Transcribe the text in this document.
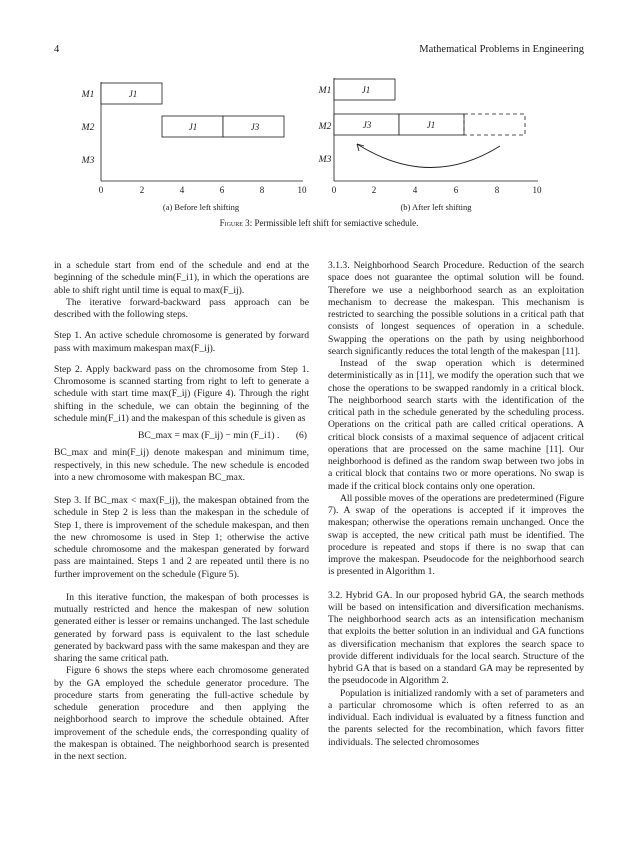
4	Mathematical Problems in Engineering
M1
M2
M3
J1
J1	J3
0	2	4	6	8	10
(a) Before left shifting
M1
M2
M3
J1
J3	J1
0	2	4	6	8	10
(b) After left shifting
Figure 3: Permissible left shift for semiactive schedule.

in a schedule start from end of the schedule and end at the beginning of the schedule min(F_i1), in which the operations are able to shift right until time is equal to max(F_ij).

The iterative forward-backward pass approach can be described with the following steps.

Step 1. An active schedule chromosome is generated by forward pass with maximum makespan max(F_ij).

Step 2. Apply backward pass on the chromosome from Step 1. Chromosome is scanned starting from right to left to generate a schedule with start time max(F_ij) (Figure 4). Through the right shifting in the schedule, we can obtain the beginning of the schedule min(F_i1) and the makespan of this schedule is given as

BC_max = max (F_ij) − min (F_i1) . (6)

BC_max and min(F_ij) denote makespan and minimum time, respectively, in this new schedule. The new schedule is encoded into a new chromosome with makespan BC_max.

Step 3. If BC_max < max(F_ij), the makespan obtained from the schedule in Step 2 is less than the makespan in the schedule of Step 1, there is improvement of the schedule makespan, and then the new chromosome is used in Step 1; otherwise the active schedule chromosome and the makespan generated by forward pass are maintained. Steps 1 and 2 are repeated until there is no further improvement on the schedule (Figure 5).

In this iterative function, the makespan of both processes is mutually restricted and hence the makespan of new solution generated either is lesser or remains unchanged. The last schedule generated by forward pass is equivalent to the last schedule generated by backward pass with the same makespan and they are sharing the same critical path.

Figure 6 shows the steps where each chromosome generated by the GA employed the schedule generator procedure. The procedure starts from generating the full-active schedule by schedule generation procedure and then applying the neighborhood search to improve the schedule obtained. After improvement of the schedule ends, the corresponding quality of the makespan is obtained. The neighborhood search is presented in the next section.

3.1.3. Neighborhood Search Procedure. Reduction of the search space does not guarantee the optimal solution will be found. Therefore we use a neighborhood search as an exploitation mechanism to decrease the makespan. This mechanism is restricted to searching the possible solutions in a critical path that consists of longest sequences of operation in a schedule. Swapping the operations on the path by using neighborhood search significantly reduces the total length of the makespan [11].

Instead of the swap operation which is determined deterministically as in [11], we modify the operation such that we chose the operations to be swapped randomly in a critical block. The neighborhood search starts with the identification of the critical path in the schedule generated by the scheduling process. Operations on the critical path are called critical operations. A critical block consists of a maximal sequence of adjacent critical operations that are processed on the same machine [11]. Our neighborhood is defined as the random swap between two jobs in a critical block that contains two or more operations. No swap is made if the critical block contains only one operation.

All possible moves of the operations are predetermined (Figure 7). A swap of the operations is accepted if it improves the makespan; otherwise the operations remain unchanged. Once the swap is accepted, the new critical path must be identified. The procedure is repeated and stops if there is no swap that can improve the makespan. Pseudocode for the neighborhood search is presented in Algorithm 1.

3.2. Hybrid GA. In our proposed hybrid GA, the search methods will be based on intensification and diversification mechanisms. The neighborhood search acts as an intensification mechanism that exploits the better solution in an individual and GA functions as diversification mechanism that explores the search space to provide different individuals for the local search. Structure of the hybrid GA that is based on a standard GA may be represented by the pseudocode in Algorithm 2.

Population is initialized randomly with a set of parameters and a particular chromosome which is often referred to as an individual. Each individual is evaluated by a fitness function and the parents selected for the recombination, which favors fitter individuals. The selected chromosomes
